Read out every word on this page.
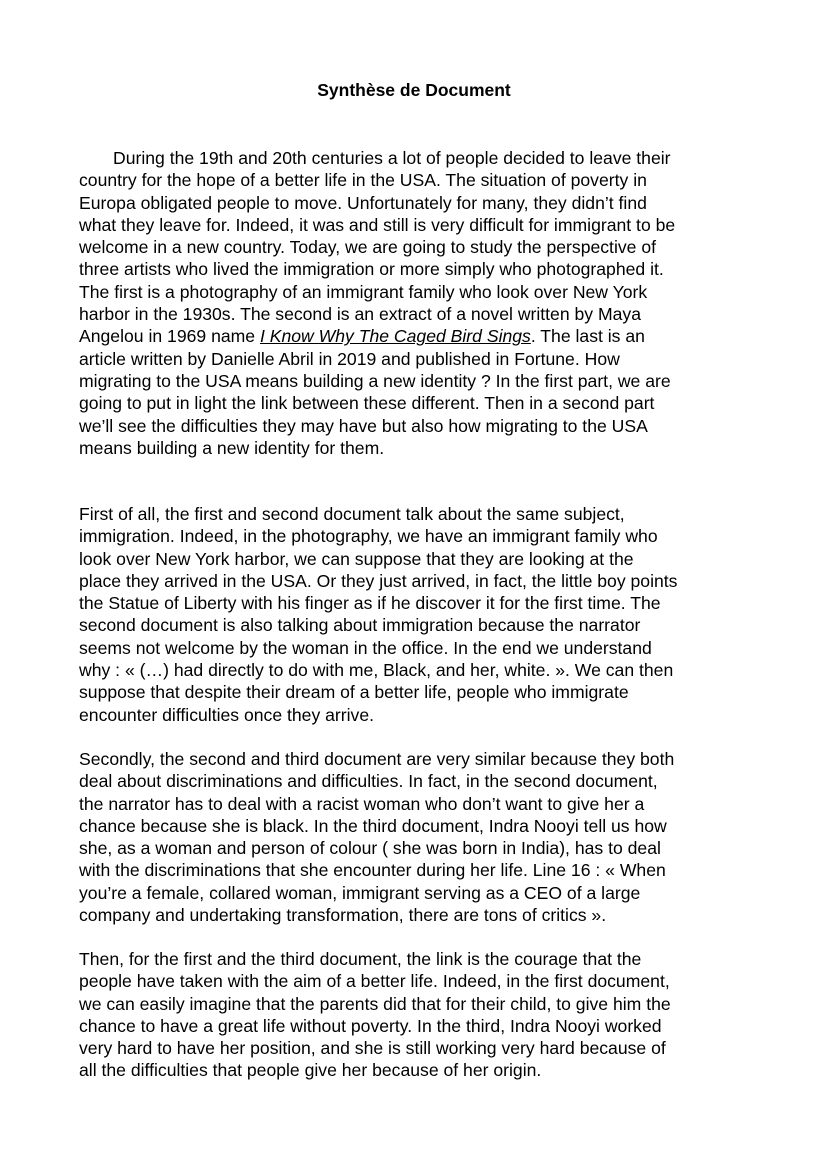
Synthèse de Document
During the 19th and 20th centuries a lot of people decided to leave their
country for the hope of a better life in the USA. The situation of poverty in
Europa obligated people to move. Unfortunately for many, they didn’t find
what they leave for. Indeed, it was and still is very difficult for immigrant to be
welcome in a new country. Today, we are going to study the perspective of
three artists who lived the immigration or more simply who photographed it.
The first is a photography of an immigrant family who look over New York
harbor in the 1930s. The second is an extract of a novel written by Maya
Angelou in 1969 name I Know Why The Caged Bird Sings. The last is an
article written by Danielle Abril in 2019 and published in Fortune. How
migrating to the USA means building a new identity ? In the first part, we are
going to put in light the link between these different. Then in a second part
we’ll see the difficulties they may have but also how migrating to the USA
means building a new identity for them.
First of all, the first and second document talk about the same subject,
immigration. Indeed, in the photography, we have an immigrant family who
look over New York harbor, we can suppose that they are looking at the
place they arrived in the USA. Or they just arrived, in fact, the little boy points
the Statue of Liberty with his finger as if he discover it for the first time. The
second document is also talking about immigration because the narrator
seems not welcome by the woman in the office. In the end we understand
why : « (…) had directly to do with me, Black, and her, white. ». We can then
suppose that despite their dream of a better life, people who immigrate
encounter difficulties once they arrive.
Secondly, the second and third document are very similar because they both
deal about discriminations and difficulties. In fact, in the second document,
the narrator has to deal with a racist woman who don’t want to give her a
chance because she is black. In the third document, Indra Nooyi tell us how
she, as a woman and person of colour ( she was born in India), has to deal
with the discriminations that she encounter during her life. Line 16 : « When
you’re a female, collared woman, immigrant serving as a CEO of a large
company and undertaking transformation, there are tons of critics ».
Then, for the first and the third document, the link is the courage that the
people have taken with the aim of a better life. Indeed, in the first document,
we can easily imagine that the parents did that for their child, to give him the
chance to have a great life without poverty. In the third, Indra Nooyi worked
very hard to have her position, and she is still working very hard because of
all the difficulties that people give her because of her origin.
